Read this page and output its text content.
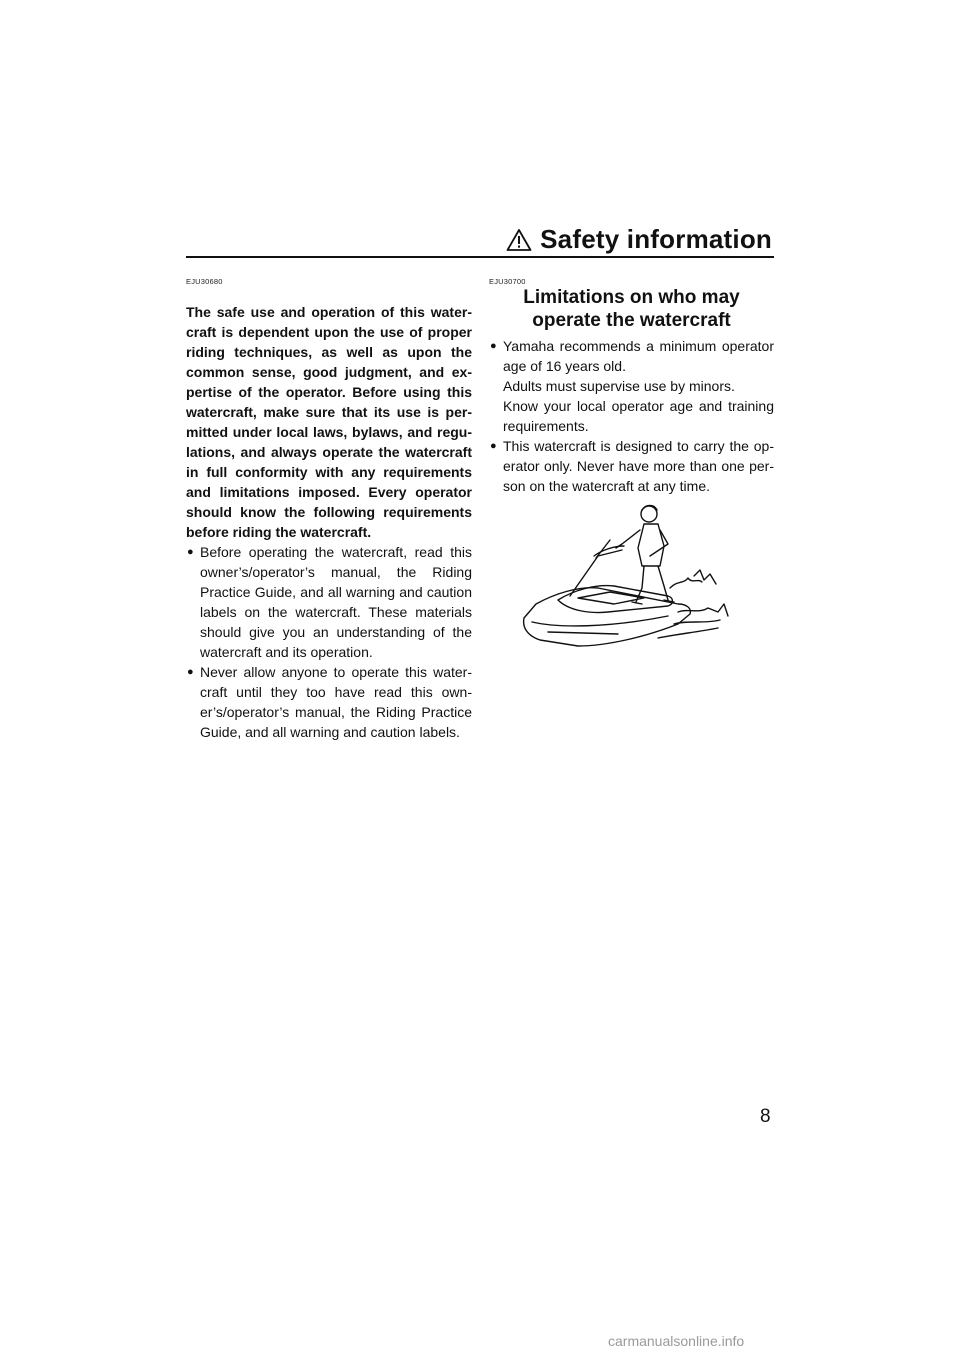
Safety information
EJU30680
The safe use and operation of this water-craft is dependent upon the use of proper riding techniques, as well as upon the common sense, good judgment, and ex-pertise of the operator. Before using this watercraft, make sure that its use is per-mitted under local laws, bylaws, and regu-lations, and always operate the watercraft in full conformity with any requirements and limitations imposed. Every operator should know the following requirements before riding the watercraft.
● Before operating the watercraft, read this owner’s/operator’s manual, the Riding Practice Guide, and all warning and caution labels on the watercraft. These materials should give you an understanding of the watercraft and its operation.

● Never allow anyone to operate this water-craft until they too have read this own-er’s/operator’s manual, the Riding Practice Guide, and all warning and caution labels.

EJU30700
Limitations on who may operate the watercraft
● Yamaha recommends a minimum operator age of 16 years old.

Adults must supervise use by minors.

Know your local operator age and training requirements.

● This watercraft is designed to carry the op-erator only. Never have more than one per-son on the watercraft at any time.

8
carmanualsonline.info
